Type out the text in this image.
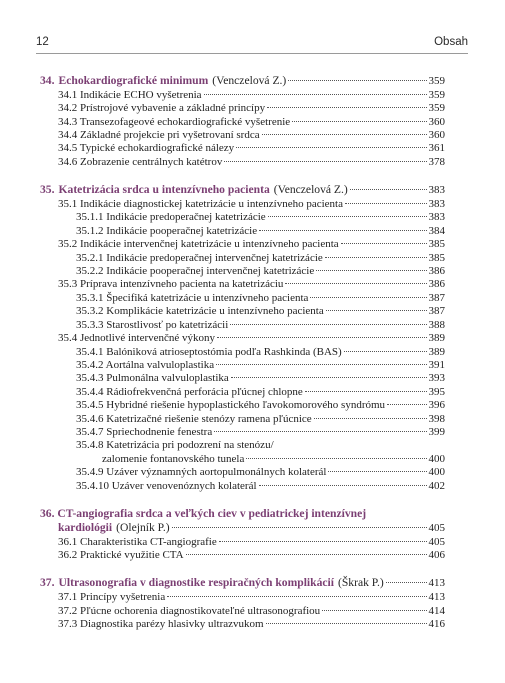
12	Obsah
34. Echokardiografické minimum (Venczelová Z.)	359
34.1 Indikácie ECHO vyšetrenia	359
34.2 Prístrojové vybavenie a základné princípy	359
34.3 Transezofageové echokardiografické vyšetrenie	360
34.4 Základné projekcie pri vyšetrovaní srdca	360
34.5 Typické echokardiografické nálezy	361
34.6 Zobrazenie centrálnych katétrov	378
35. Katetrizácia srdca u intenzívneho pacienta (Venczelová Z.)	383
35.1 Indikácie diagnostickej katetrizácie u intenzívneho pacienta	383
35.1.1 Indikácie predoperačnej katetrizácie	383
35.1.2 Indikácie pooperačnej katetrizácie	384
35.2 Indikácie intervenčnej katetrizácie u intenzívneho pacienta	385
35.2.1 Indikácie predoperačnej intervenčnej katetrizácie	385
35.2.2 Indikácie pooperačnej intervenčnej katetrizácie	386
35.3 Príprava intenzívneho pacienta na katetrizáciu	386
35.3.1 Špecifiká katetrizácie u intenzívneho pacienta	387
35.3.2 Komplikácie katetrizácie u intenzívneho pacienta	387
35.3.3 Starostlivosť po katetrizácii	388
35.4 Jednotlivé intervenčné výkony	389
35.4.1 Balóniková atrioseptostómia podľa Rashkinda (BAS)	389
35.4.2 Aortálna valvuloplastika	391
35.4.3 Pulmonálna valvuloplastika	393
35.4.4 Rádiofrekvenčná perforácia pľúcnej chlopne	395
35.4.5 Hybridné riešenie hypoplastického ľavokomorového syndrómu	396
35.4.6 Katetrizačné riešenie stenózy ramena pľúcnice	398
35.4.7 Spriechodnenie fenestra	399
35.4.8 Katetrizácia pri podozrení na stenózu/
zalomenie fontanovského tunela	400
35.4.9 Uzáver významných aortopulmonálnych kolaterál	400
35.4.10 Uzáver venovenóznych kolaterál	402
36. CT-angiografia srdca a veľkých ciev v pediatrickej intenzívnej
kardiológii (Olejník P.)	405
36.1 Charakteristika CT-angiografie	405
36.2 Praktické využitie CTA	406
37. Ultrasonografia v diagnostike respiračných komplikácií (Škrak P.)	413
37.1 Princípy vyšetrenia	413
37.2 Pľúcne ochorenia diagnostikovateľné ultrasonografiou	414
37.3 Diagnostika parézy hlasivky ultrazvukom	416
